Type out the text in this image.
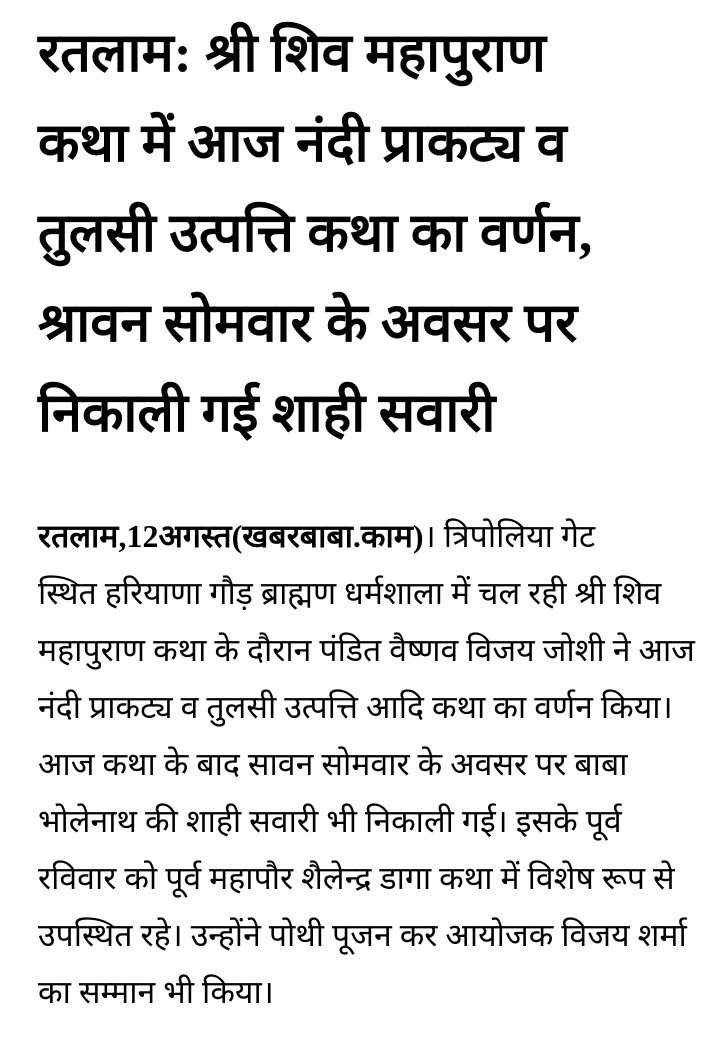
रतलाम: श्री शिव महापुराण
कथा में आज नंदी प्राकट्य व
तुलसी उत्पत्ति कथा का वर्णन,
श्रावन सोमवार के अवसर पर
निकाली गई शाही सवारी
रतलाम,12अगस्त(खबरबाबा.काम)। त्रिपोलिया गेट
स्थित हरियाणा गौड़ ब्राह्मण धर्मशाला में चल रही श्री शिव
महापुराण कथा के दौरान पंडित वैष्णव विजय जोशी ने आज
नंदी प्राकट्य व तुलसी उत्पत्ति आदि कथा का वर्णन किया।
आज कथा के बाद सावन सोमवार के अवसर पर बाबा
भोलेनाथ की शाही सवारी भी निकाली गई। इसके पूर्व
रविवार को पूर्व महापौर शैलेन्द्र डागा कथा में विशेष रूप से
उपस्थित रहे। उन्होंने पोथी पूजन कर आयोजक विजय शर्मा
का सम्मान भी किया।
